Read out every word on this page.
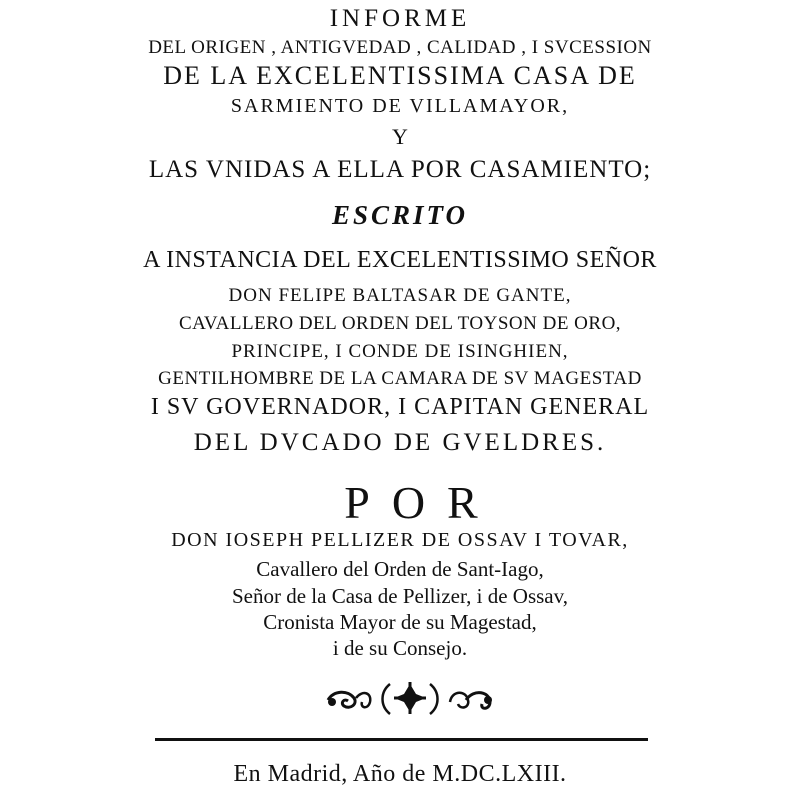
INFORME
DEL ORIGEN , ANTIGVEDAD , CALIDAD , I SVCESSION
DE LA EXCELENTISSIMA CASA DE
SARMIENTO DE VILLAMAYOR,
Y
LAS VNIDAS A ELLA POR CASAMIENTO;
ESCRITO
A INSTANCIA DEL EXCELENTISSIMO SEÑOR
DON FELIPE BALTASAR DE GANTE,
CAVALLERO DEL ORDEN DEL TOYSON DE ORO,
PRINCIPE, I CONDE DE ISINGHIEN,
GENTILHOMBRE DE LA CAMARA DE SV MAGESTAD
I SV GOVERNADOR, I CAPITAN GENERAL
DEL DVCADO DE GVELDRES.
POR
DON IOSEPH PELLIZER DE OSSAV I TOVAR,
Cavallero del Orden de Sant-Iago,
Señor de la Casa de Pellizer, i de Ossav,
Cronista Mayor de su Magestad,
i de su Consejo.
En Madrid, Año de M.DC.LXIII.
